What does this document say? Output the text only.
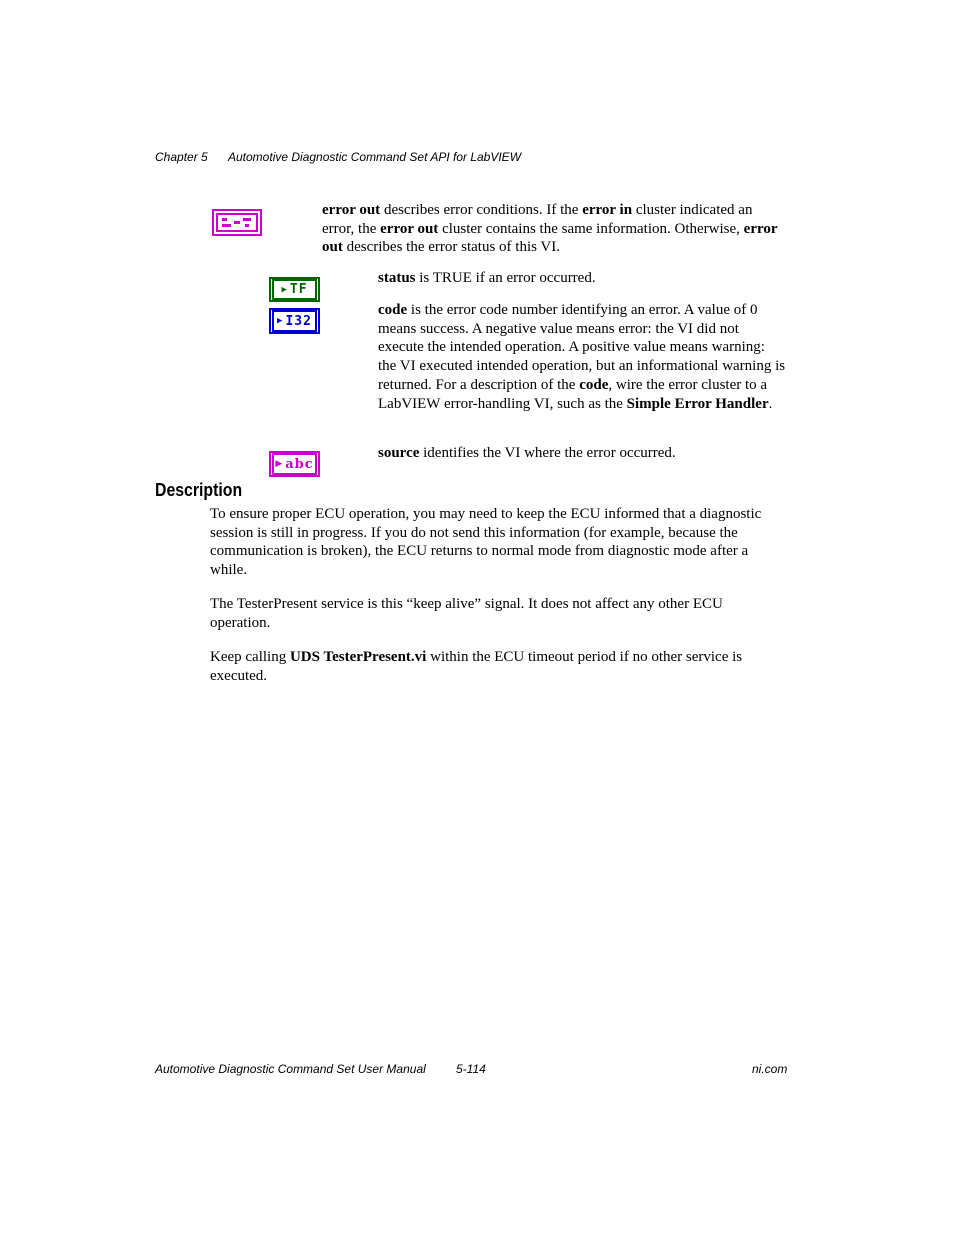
Chapter 5 Automotive Diagnostic Command Set API for LabVIEW

error out describes error conditions. If the error in cluster indicated an error, the error out cluster contains the same information. Otherwise, error out describes the error status of this VI.

▶ TF

status is TRUE if an error occurred.

▶ I32

code is the error code number identifying an error. A value of 0 means success. A negative value means error: the VI did not execute the intended operation. A positive value means warning: the VI executed intended operation, but an informational warning is returned. For a description of the code, wire the error cluster to a LabVIEW error-handling VI, such as the Simple Error Handler.

▶ abc

source identifies the VI where the error occurred.

Description

To ensure proper ECU operation, you may need to keep the ECU informed that a diagnostic session is still in progress. If you do not send this information (for example, because the communication is broken), the ECU returns to normal mode from diagnostic mode after a while.

The TesterPresent service is this “keep alive” signal. It does not affect any other ECU operation.

Keep calling UDS TesterPresent.vi within the ECU timeout period if no other service is executed.

Automotive Diagnostic Command Set User Manual	5-114	ni.com
